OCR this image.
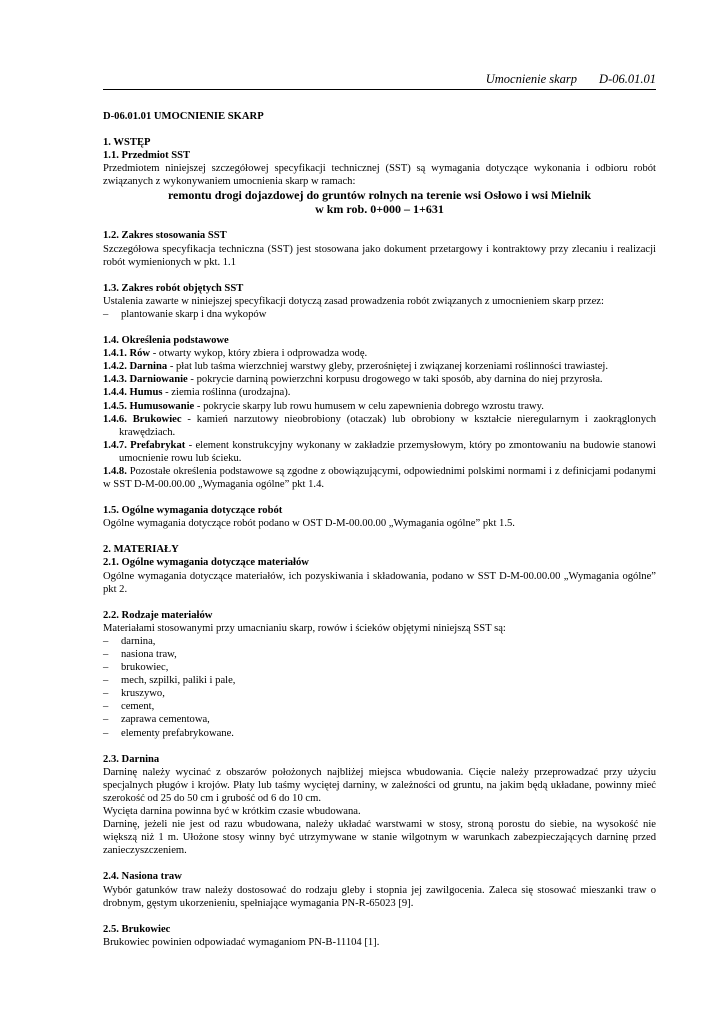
Umocnienie skarp D-06.01.01

D-06.01.01 UMOCNIENIE SKARP

1. WSTĘP

1.1. Przedmiot SST

Przedmiotem niniejszej szczegółowej specyfikacji technicznej (SST) są wymagania dotyczące wykonania i odbioru robót związanych z wykonywaniem umocnienia skarp w ramach:

remontu drogi dojazdowej do gruntów rolnych na terenie wsi Osłowo i wsi Mielnik

w km rob. 0+000 – 1+631

1.2. Zakres stosowania SST

Szczegółowa specyfikacja techniczna (SST) jest stosowana jako dokument przetargowy i kontraktowy przy zlecaniu i realizacji robót wymienionych w pkt. 1.1

1.3. Zakres robót objętych SST

Ustalenia zawarte w niniejszej specyfikacji dotyczą zasad prowadzenia robót związanych z umocnieniem skarp przez:

–	plantowanie skarp i dna wykopów

1.4. Określenia podstawowe

1.4.1. Rów - otwarty wykop, który zbiera i odprowadza wodę.

1.4.2. Darnina - płat lub taśma wierzchniej warstwy gleby, przerośniętej i związanej korzeniami roślinności trawiastej.

1.4.3. Darniowanie - pokrycie darniną powierzchni korpusu drogowego w taki sposób, aby darnina do niej przyrosła.

1.4.4. Humus - ziemia roślinna (urodzajna).

1.4.5. Humusowanie - pokrycie skarpy lub rowu humusem w celu zapewnienia dobrego wzrostu trawy.

1.4.6. Brukowiec - kamień narzutowy nieobrobiony (otaczak) lub obrobiony w kształcie nieregularnym i zaokrąglonych krawędziach.

1.4.7. Prefabrykat - element konstrukcyjny wykonany w zakładzie przemysłowym, który po zmontowaniu na budowie stanowi umocnienie rowu lub ścieku.

1.4.8. Pozostałe określenia podstawowe są zgodne z obowiązującymi, odpowiednimi polskimi normami i z definicjami podanymi w SST D-M-00.00.00 „Wymagania ogólne” pkt 1.4.

1.5. Ogólne wymagania dotyczące robót

Ogólne wymagania dotyczące robót podano w OST D-M-00.00.00 „Wymagania ogólne” pkt 1.5.

2. MATERIAŁY

2.1. Ogólne wymagania dotyczące materiałów

Ogólne wymagania dotyczące materiałów, ich pozyskiwania i składowania, podano w SST D-M-00.00.00 „Wymagania ogólne” pkt 2.

2.2. Rodzaje materiałów

Materiałami stosowanymi przy umacnianiu skarp, rowów i ścieków objętymi niniejszą SST są:

–	darnina,
–	nasiona traw,
–	brukowiec,
–	mech, szpilki, paliki i pale,
–	kruszywo,
–	cement,
–	zaprawa cementowa,
–	elementy prefabrykowane.

2.3. Darnina

Darninę należy wycinać z obszarów położonych najbliżej miejsca wbudowania. Cięcie należy przeprowadzać przy użyciu specjalnych pługów i krojów. Płaty lub taśmy wyciętej darniny, w zależności od gruntu, na jakim będą układane, powinny mieć szerokość od 25 do 50 cm i grubość od 6 do 10 cm.

Wycięta darnina powinna być w krótkim czasie wbudowana.

Darninę, jeżeli nie jest od razu wbudowana, należy układać warstwami w stosy, stroną porostu do siebie, na wysokość nie większą niż 1 m. Ułożone stosy winny być utrzymywane w stanie wilgotnym w warunkach zabezpieczających darninę przed zanieczyszczeniem.

2.4. Nasiona traw

Wybór gatunków traw należy dostosować do rodzaju gleby i stopnia jej zawilgocenia. Zaleca się stosować mieszanki traw o drobnym, gęstym ukorzenieniu, spełniające wymagania PN-R-65023 [9].

2.5. Brukowiec

Brukowiec powinien odpowiadać wymaganiom PN-B-11104 [1].
